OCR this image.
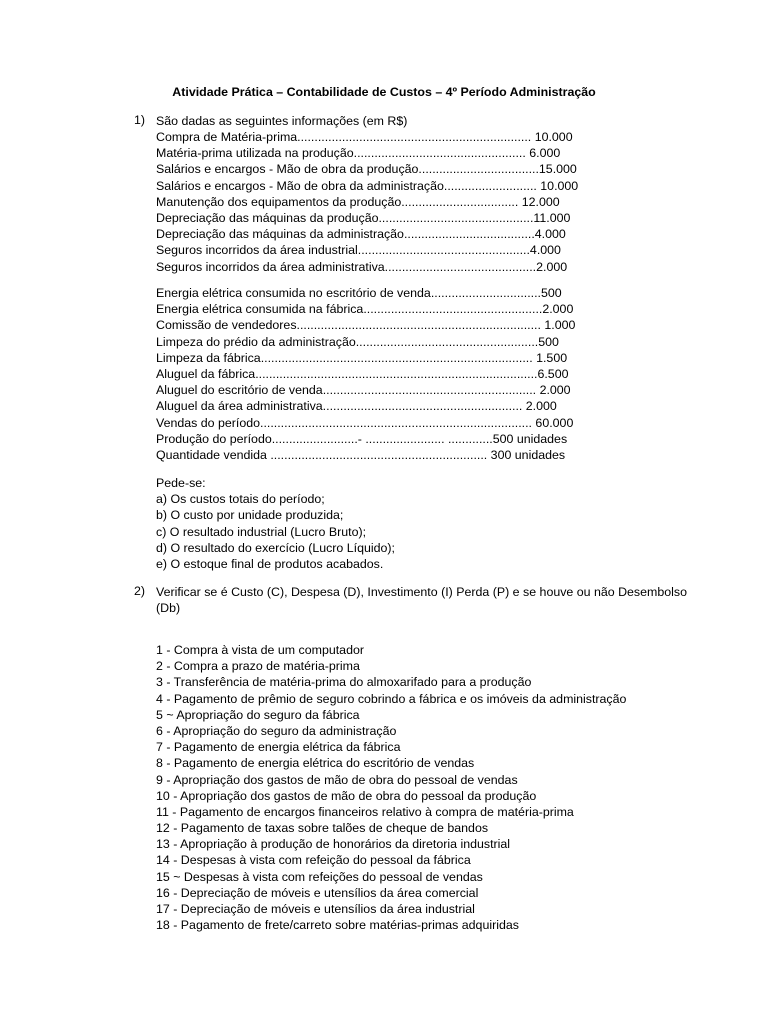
Atividade Prática – Contabilidade de Custos – 4º Período Administração
1) São dadas as seguintes informações (em R$)
Compra de Matéria-prima.................................................................... 10.000
Matéria-prima utilizada na produção.................................................. 6.000
Salários e encargos - Mão de obra da produção...................................15.000
Salários e encargos - Mão de obra da administração........................... 10.000
Manutenção dos equipamentos da produção.................................. 12.000
Depreciação das máquinas da produção.............................................11.000
Depreciação das máquinas da administração......................................4.000
Seguros incorridos da área industrial..................................................4.000
Seguros incorridos da área administrativa............................................2.000
Energia elétrica consumida no escritório de venda................................500
Energia elétrica consumida na fábrica....................................................2.000
Comissão de vendedores....................................................................... 1.000
Limpeza do prédio da administração.....................................................500
Limpeza da fábrica............................................................................... 1.500
Aluguel da fábrica..................................................................................6.500
Aluguel do escritório de venda.............................................................. 2.000
Aluguel da área administrativa.......................................................... 2.000
Vendas do período............................................................................... 60.000
Produção do período.........................- ....................... .............500 unidades
Quantidade vendida ............................................................... 300 unidades
Pede-se:
a) Os custos totais do período;
b) O custo por unidade produzida;
c) O resultado industrial (Lucro Bruto);
d) O resultado do exercício (Lucro Líquido);
e) O estoque final de produtos acabados.
2) Verificar se é Custo (C), Despesa (D), Investimento (I) Perda (P) e se houve ou não Desembolso
(Db)
1 - Compra à vista de um computador
2 - Compra a prazo de matéria-prima
3 - Transferência de matéria-prima do almoxarifado para a produção
4 - Pagamento de prêmio de seguro cobrindo a fábrica e os imóveis da administração
5 ~ Apropriação do seguro da fábrica
6 - Apropriação do seguro da administração
7 - Pagamento de energia elétrica da fábrica
8 - Pagamento de energia elétrica do escritório de vendas
9 - Apropriação dos gastos de mão de obra do pessoal de vendas
10 - Apropriação dos gastos de mão de obra do pessoal da produção
11 - Pagamento de encargos financeiros relativo à compra de matéria-prima
12 - Pagamento de taxas sobre talões de cheque de bandos
13 - Apropriação à produção de honorários da diretoria industrial
14 - Despesas à vista com refeição do pessoal da fábrica
15 ~ Despesas à vista com refeições do pessoal de vendas
16 - Depreciação de móveis e utensílios da área comercial
17 - Depreciação de móveis e utensílios da área industrial
18 - Pagamento de frete/carreto sobre matérias-primas adquiridas
